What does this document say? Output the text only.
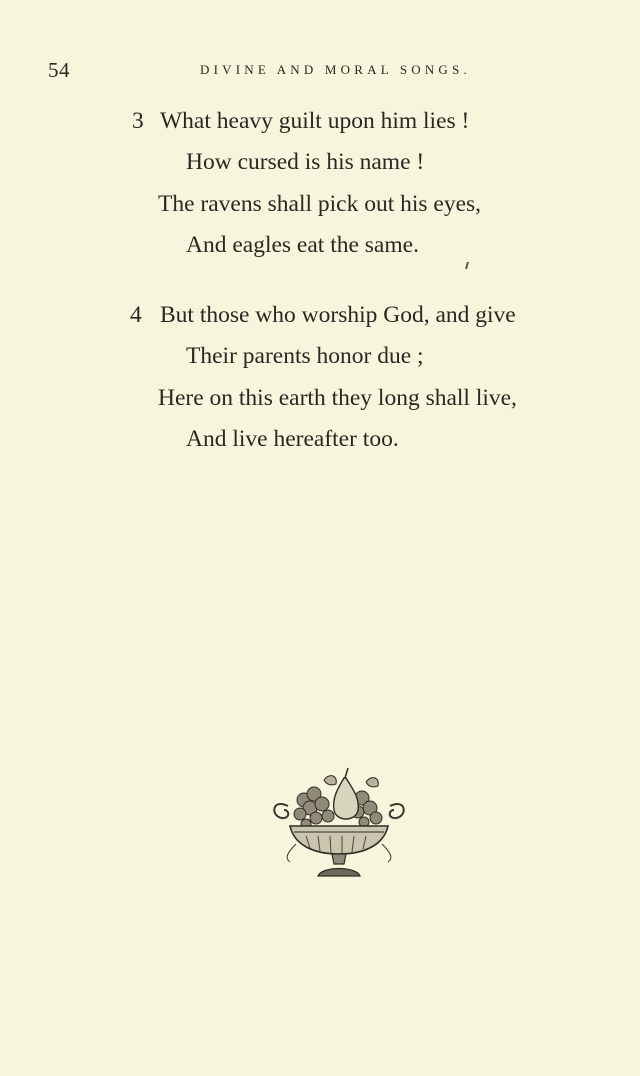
54	DIVINE AND MORAL SONGS.
3 What heavy guilt upon him lies !
How cursed is his name !
The ravens shall pick out his eyes,
And eagles eat the same.
4 But those who worship God, and give
Their parents honor due ;
Here on this earth they long shall live,
And live hereafter too.
